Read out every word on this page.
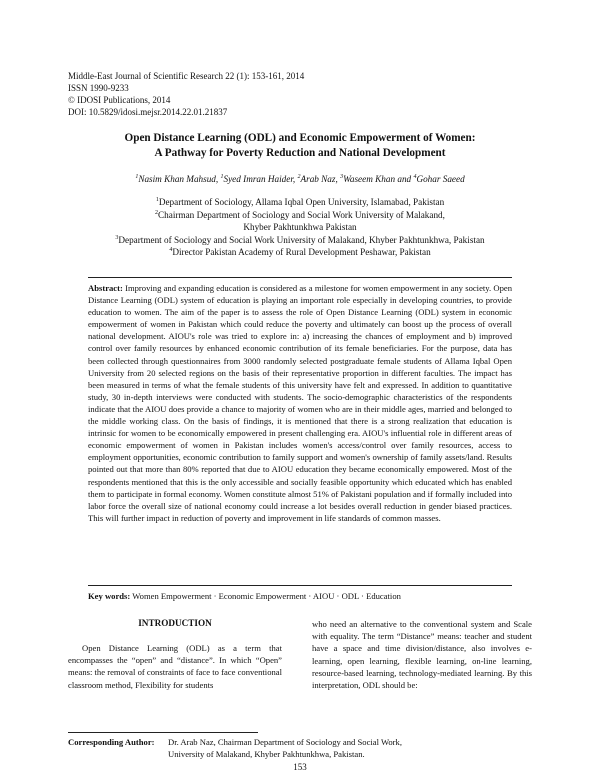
Middle-East Journal of Scientific Research 22 (1): 153-161, 2014
ISSN 1990-9233
© IDOSI Publications, 2014
DOI: 10.5829/idosi.mejsr.2014.22.01.21837
Open Distance Learning (ODL) and Economic Empowerment of Women:
A Pathway for Poverty Reduction and National Development
$^1$Nasim Khan Mahsud, $^1$Syed Imran Haider, $^2$Arab Naz, $^3$Waseem Khan and $^4$Gohar Saeed
$^1$Department of Sociology, Allama Iqbal Open University, Islamabad, Pakistan
$^2$Chairman Department of Sociology and Social Work University of Malakand,
Khyber Pakhtunkhwa Pakistan
$^3$Department of Sociology and Social Work University of Malakand, Khyber Pakhtunkhwa, Pakistan
$^4$Director Pakistan Academy of Rural Development Peshawar, Pakistan
Abstract: Improving and expanding education is considered as a milestone for women empowerment in any society. Open Distance Learning (ODL) system of education is playing an important role especially in developing countries, to provide education to women. The aim of the paper is to assess the role of Open Distance Learning (ODL) system in economic empowerment of women in Pakistan which could reduce the poverty and ultimately can boost up the process of overall national development. AIOU's role was tried to explore in: a) increasing the chances of employment and b) improved control over family resources by enhanced economic contribution of its female beneficiaries. For the purpose, data has been collected through questionnaires from 3000 randomly selected postgraduate female students of Allama Iqbal Open University from 20 selected regions on the basis of their representative proportion in different faculties. The impact has been measured in terms of what the female students of this university have felt and expressed. In addition to quantitative study, 30 in-depth interviews were conducted with students. The socio-demographic characteristics of the respondents indicate that the AIOU does provide a chance to majority of women who are in their middle ages, married and belonged to the middle working class. On the basis of findings, it is mentioned that there is a strong realization that education is intrinsic for women to be economically empowered in present challenging era. AIOU's influential role in different areas of economic empowerment of women in Pakistan includes women's access/control over family resources, access to employment opportunities, economic contribution to family support and women's ownership of family assets/land. Results pointed out that more than 80% reported that due to AIOU education they became economically empowered. Most of the respondents mentioned that this is the only accessible and socially feasible opportunity which educated which has enabled them to participate in formal economy. Women constitute almost 51% of Pakistani population and if formally included into labor force the overall size of national economy could increase a lot besides overall reduction in gender biased practices. This will further impact in reduction of poverty and improvement in life standards of common masses.
Key words: Women Empowerment · Economic Empowerment · AIOU · ODL · Education
INTRODUCTION
Open Distance Learning (ODL) as a term that encompasses the “open” and “distance”. In which “Open” means: the removal of constraints of face to face conventional classroom method, Flexibility for students
who need an alternative to the conventional system and Scale with equality. The term “Distance” means: teacher and student have a space and time division/distance, also involves e-learning, open learning, flexible learning, on-line learning, resource-based learning, technology-mediated learning. By this interpretation, ODL should be:
Corresponding Author: Dr. Arab Naz, Chairman Department of Sociology and Social Work,
University of Malakand, Khyber Pakhtunkhwa, Pakistan.
153
